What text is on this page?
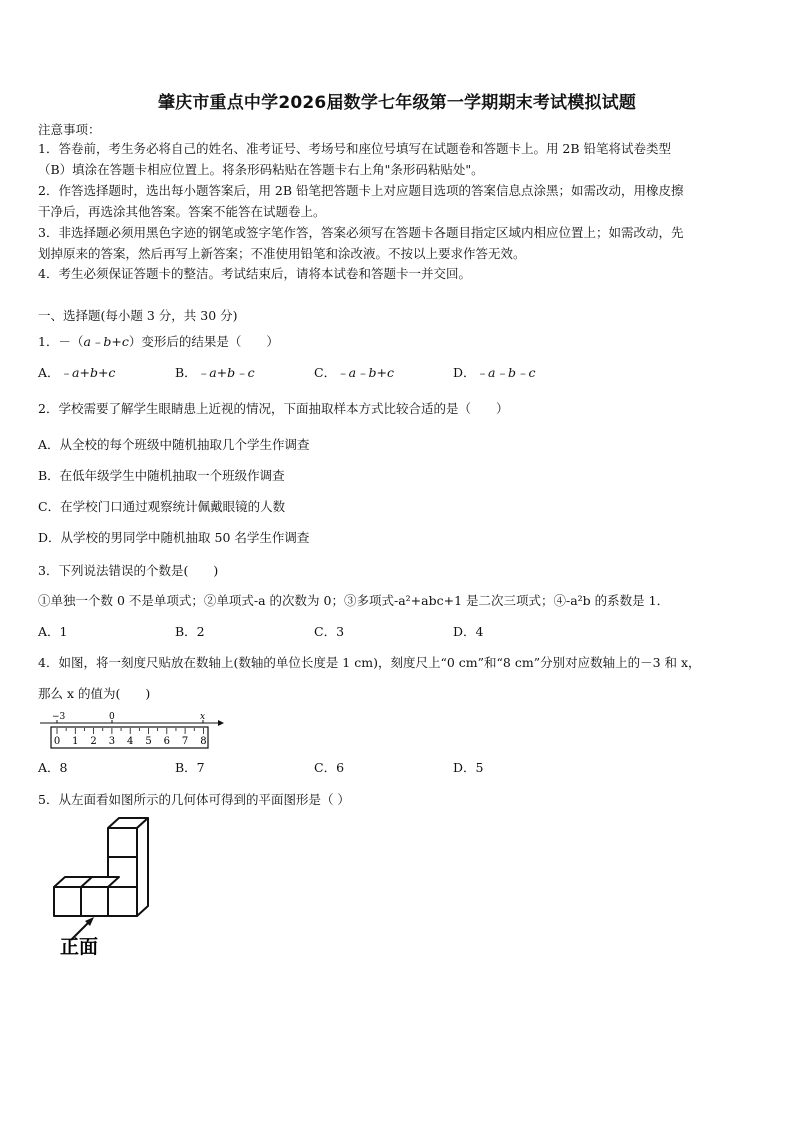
肇庆市重点中学2026届数学七年级第一学期期末考试模拟试题
注意事项：
1．答卷前，考生务必将自己的姓名、准考证号、考场号和座位号填写在试题卷和答题卡上。用 2B 铅笔将试卷类型
（B）填涂在答题卡相应位置上。将条形码粘贴在答题卡右上角"条形码粘贴处"。
2．作答选择题时，选出每小题答案后，用 2B 铅笔把答题卡上对应题目选项的答案信息点涂黑；如需改动，用橡皮擦
干净后，再选涂其他答案。答案不能答在试题卷上。
3．非选择题必须用黑色字迹的钢笔或签字笔作答，答案必须写在答题卡各题目指定区域内相应位置上；如需改动，先
划掉原来的答案，然后再写上新答案；不准使用铅笔和涂改液。不按以上要求作答无效。
4．考生必须保证答题卡的整洁。考试结束后，请将本试卷和答题卡一并交回。
一、选择题(每小题 3 分，共 30 分)
1．－（a﹣b+c）变形后的结果是（　　）
A．﹣a+b+c	B．﹣a+b﹣c	C．﹣a﹣b+c	D．﹣a﹣b﹣c
2．学校需要了解学生眼睛患上近视的情况，下面抽取样本方式比较合适的是（　　）
A．从全校的每个班级中随机抽取几个学生作调查
B．在低年级学生中随机抽取一个班级作调查
C．在学校门口通过观察统计佩戴眼镜的人数
D．从学校的男同学中随机抽取 50 名学生作调查
3．下列说法错误的个数是(　　)
①单独一个数 0 不是单项式；②单项式-a 的次数为 0；③多项式-a²+abc+1 是二次三项式；④-a²b 的系数是 1．
A．1	B．2	C．3	D．4
4．如图，将一刻度尺贴放在数轴上(数轴的单位长度是 1 cm)，刻度尺上“0 cm”和“8 cm”分别对应数轴上的－3 和 x，
那么 x 的值为(　　)
−3	0	x
0 1 2 3 4 5 6 7 8
A．8	B．7	C．6	D．5
5．从左面看如图所示的几何体可得到的平面图形是（ ）
正面
